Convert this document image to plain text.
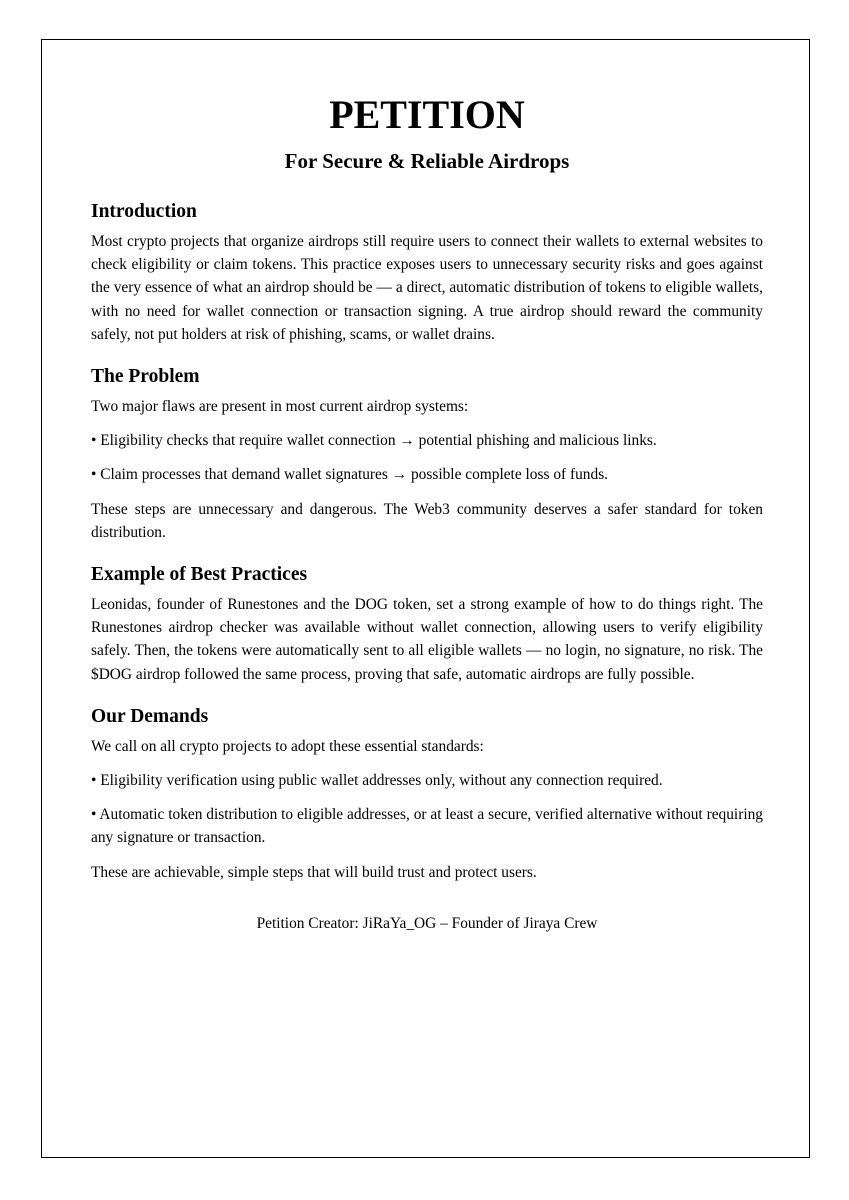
PETITION
For Secure & Reliable Airdrops
Introduction

Most crypto projects that organize airdrops still require users to connect their wallets to external websites to check eligibility or claim tokens. This practice exposes users to unnecessary security risks and goes against the very essence of what an airdrop should be — a direct, automatic distribution of tokens to eligible wallets, with no need for wallet connection or transaction signing. A true airdrop should reward the community safely, not put holders at risk of phishing, scams, or wallet drains.

The Problem

Two major flaws are present in most current airdrop systems:

• Eligibility checks that require wallet connection → potential phishing and malicious links.

• Claim processes that demand wallet signatures → possible complete loss of funds.

These steps are unnecessary and dangerous. The Web3 community deserves a safer standard for token distribution.

Example of Best Practices

Leonidas, founder of Runestones and the DOG token, set a strong example of how to do things right. The Runestones airdrop checker was available without wallet connection, allowing users to verify eligibility safely. Then, the tokens were automatically sent to all eligible wallets — no login, no signature, no risk. The $DOG airdrop followed the same process, proving that safe, automatic airdrops are fully possible.

Our Demands

We call on all crypto projects to adopt these essential standards:

• Eligibility verification using public wallet addresses only, without any connection required.

• Automatic token distribution to eligible addresses, or at least a secure, verified alternative without requiring any signature or transaction.

These are achievable, simple steps that will build trust and protect users.

Petition Creator: JiRaYa_OG – Founder of Jiraya Crew
